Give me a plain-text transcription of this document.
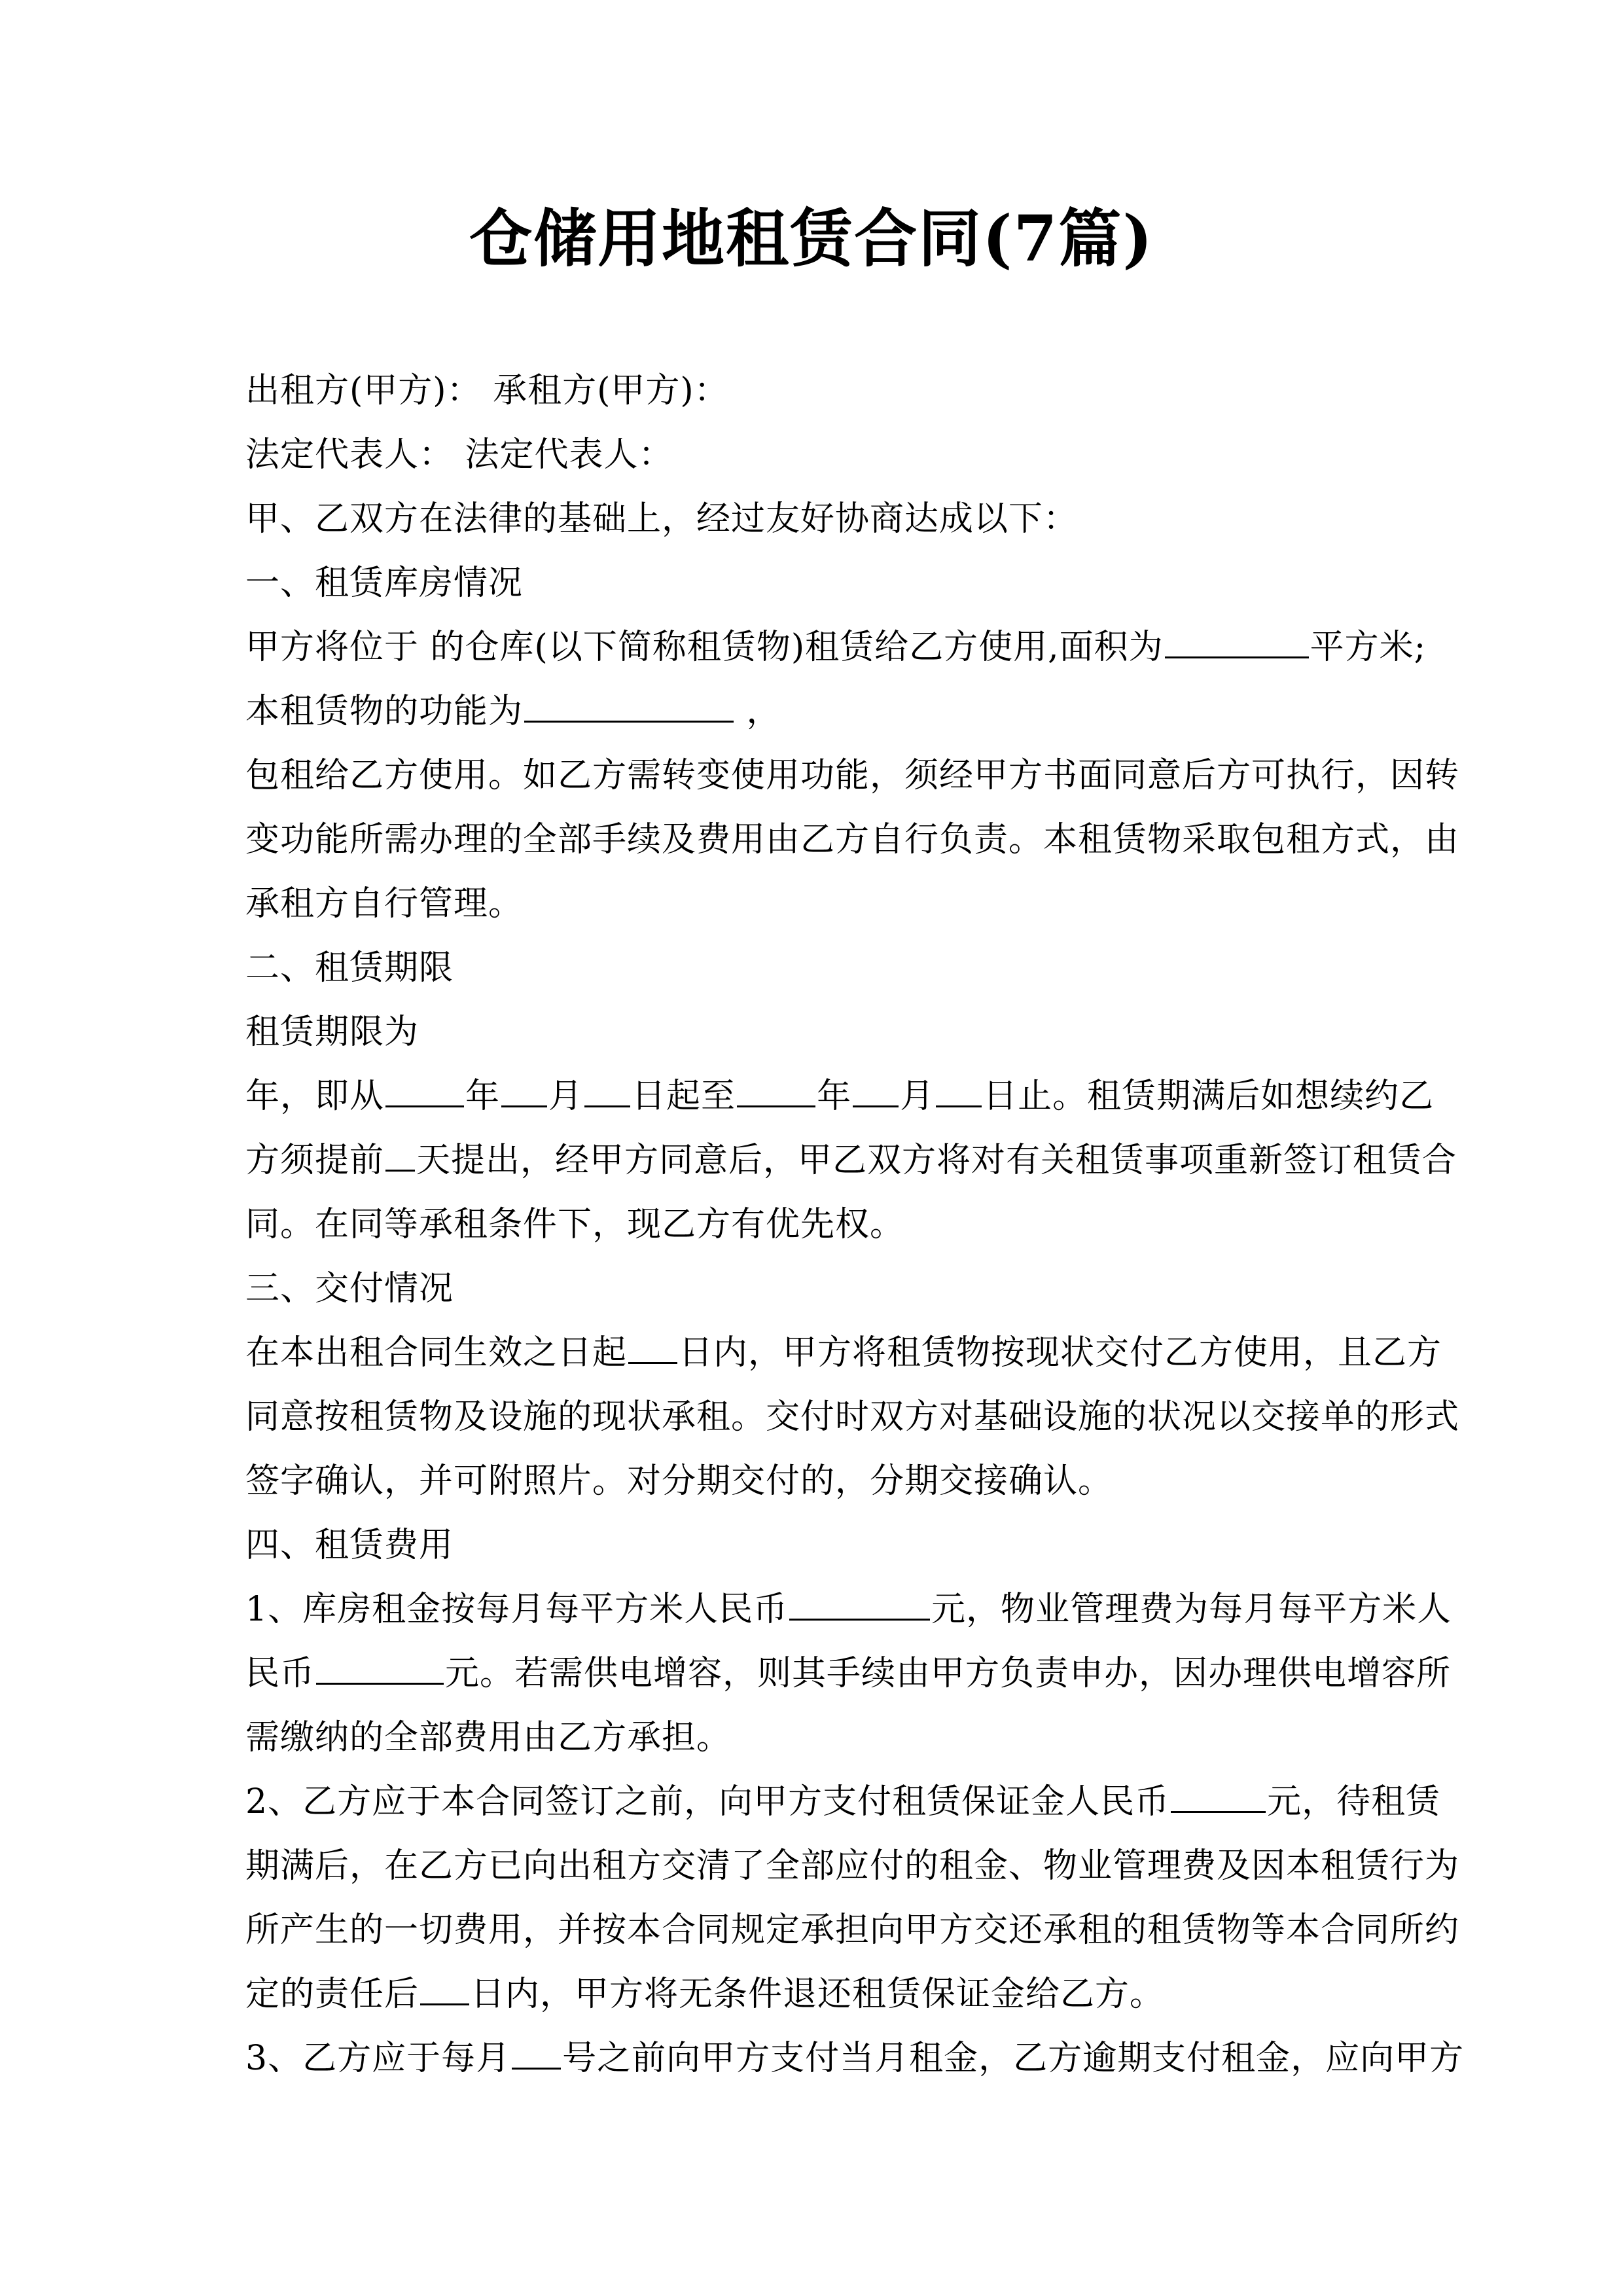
仓储用地租赁合同(7篇)
出租方(甲方)： 承租方(甲方)：
法定代表人： 法定代表人：
甲、乙双方在法律的基础上，经过友好协商达成以下：
一、租赁库房情况
甲方将位于 的仓库(以下简称租赁物)租赁给乙方使用,面积为	平方米;
本租赁物的功能为	，
包租给乙方使用。如乙方需转变使用功能，须经甲方书面同意后方可执行，因转
变功能所需办理的全部手续及费用由乙方自行负责。本租赁物采取包租方式，由
承租方自行管理。
二、租赁期限
租赁期限为
年，即从 年 月 日起至 年 月 日止。租赁期满后如想续约乙
方须提前 天提出，经甲方同意后，甲乙双方将对有关租赁事项重新签订租赁合
同。在同等承租条件下，现乙方有优先权。
三、交付情况
在本出租合同生效之日起 日内，甲方将租赁物按现状交付乙方使用，且乙方
同意按租赁物及设施的现状承租。交付时双方对基础设施的状况以交接单的形式
签字确认，并可附照片。对分期交付的，分期交接确认。
四、租赁费用
1、库房租金按每月每平方米人民币	元，物业管理费为每月每平方米人
民币	元。若需供电增容，则其手续由甲方负责申办，因办理供电增容所
需缴纳的全部费用由乙方承担。
2、乙方应于本合同签订之前，向甲方支付租赁保证金人民币	元，待租赁
期满后，在乙方已向出租方交清了全部应付的租金、物业管理费及因本租赁行为
所产生的一切费用，并按本合同规定承担向甲方交还承租的租赁物等本合同所约
定的责任后 日内，甲方将无条件退还租赁保证金给乙方。
3、乙方应于每月 号之前向甲方支付当月租金，乙方逾期支付租金，应向甲方
